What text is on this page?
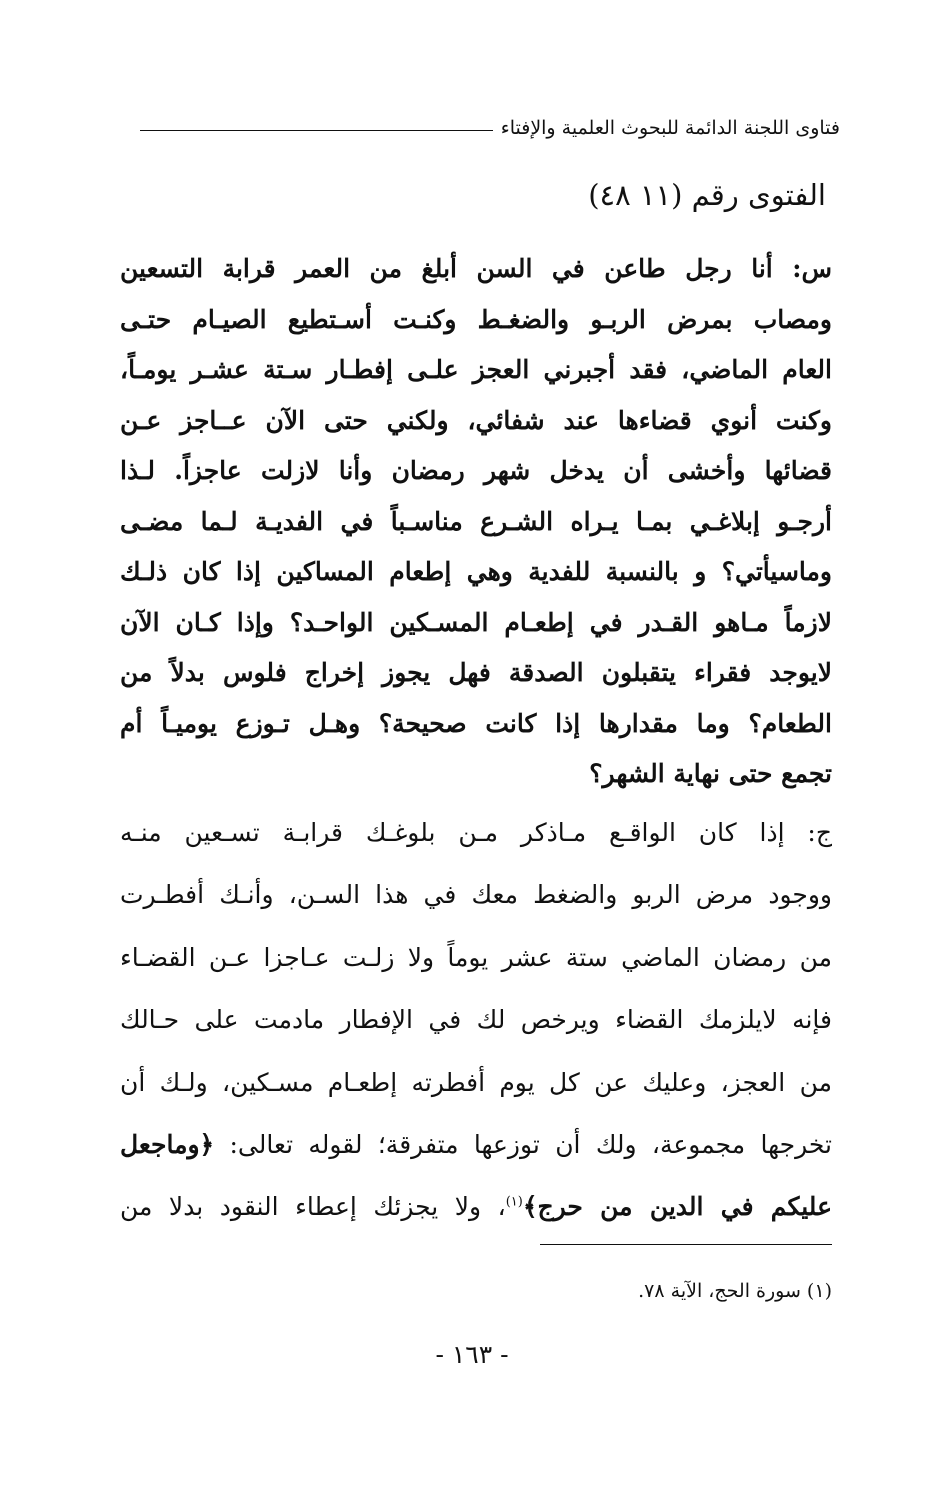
فتاوى اللجنة الدائمة للبحوث العلمية والإفتاء
الفتوى رقم (١١ ٤٨)
س: أنا رجل طاعن في السن أبلغ من العمر قرابة التسعين
ومصاب بمرض الربـو والضغـط وكنـت أسـتطيع الصيـام حتـى
العام الماضي، فقد أجبرني العجز علـى إفطـار سـتة عشـر يومـاً،
وكنت أنوي قضاءها عند شفائي، ولكني حتى الآن عــاجز عـن
قضائها وأخشى أن يدخل شهر رمضان وأنا لازلت عاجزاً. لـذا
أرجـو إبلاغـي بمـا يـراه الشـرع مناسـباً في الفديـة لـما مضـى
وماسيأتي؟ و بالنسبة للفدية وهي إطعام المساكين إذا كان ذلـك
لازماً مـاهو القـدر في إطعـام المسـكين الواحـد؟ وإذا كـان الآن
لايوجد فقراء يتقبلون الصدقة فهل يجوز إخراج فلوس بدلاً من
الطعام؟ وما مقدارها إذا كانت صحيحة؟ وهـل تـوزع يوميـاً أم
تجمع حتى نهاية الشهر؟
ج: إذا كان الواقـع مـاذكر مـن بلوغـك قرابـة تسـعين منـه
ووجود مرض الربو والضغط معك في هذا السـن، وأنـك أفطـرت
من رمضان الماضي ستة عشر يوماً ولا زلـت عـاجزا عـن القضـاء
فإنه لايلزمك القضاء ويرخص لك في الإفطار مادمت على حـالك
من العجز، وعليك عن كل يوم أفطرته إطعـام مسـكين، ولـك أن
تخرجها مجموعة، ولك أن توزعها متفرقة؛ لقوله تعالى: ﴿وماجعل
عليكم في الدين من حرج﴾$^{(١)}$، ولا يجزئك إعطاء النقود بدلا من
(١) سورة الحج، الآية ٧٨.
- ١٦٣ -
